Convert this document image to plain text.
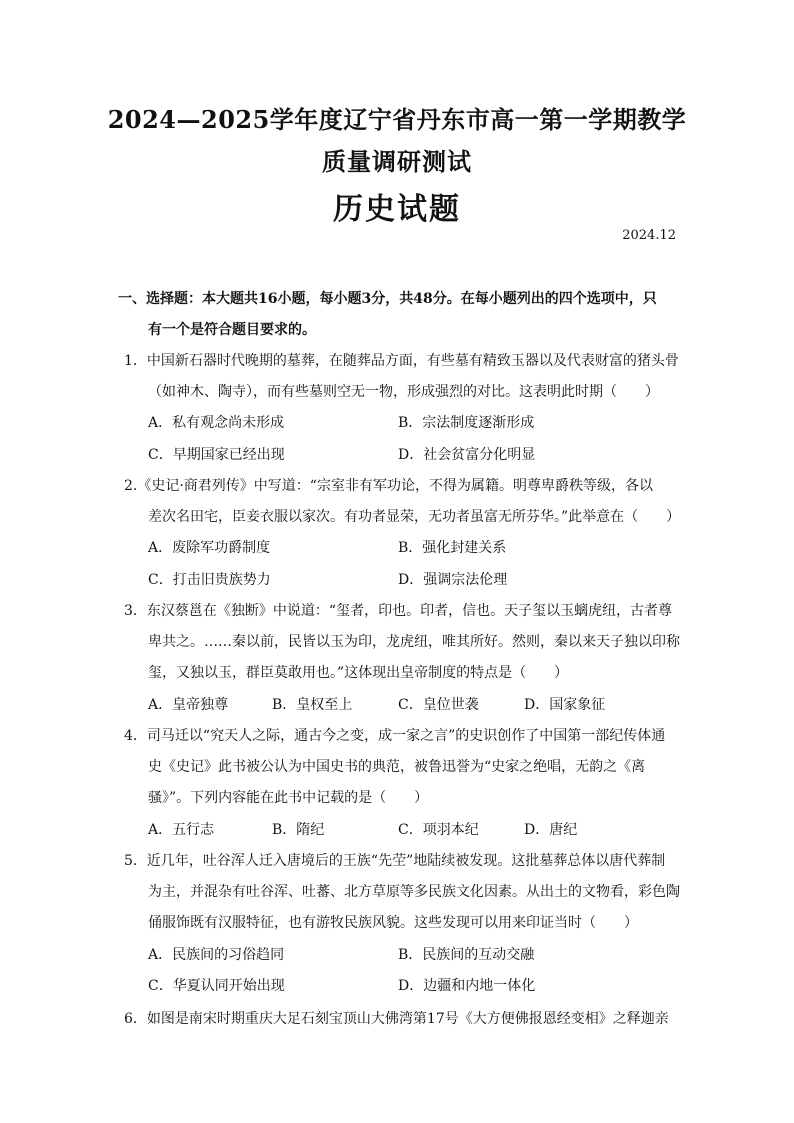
2024—2025学年度辽宁省丹东市高一第一学期教学
质量调研测试
历史试题
2024.12
一、选择题：本大题共16小题，每小题3分，共48分。在每小题列出的四个选项中，只
有一个是符合题目要求的。
1．中国新石器时代晚期的墓葬，在随葬品方面，有些墓有精致玉器以及代表财富的猪头骨
（如神木、陶寺），而有些墓则空无一物，形成强烈的对比。这表明此时期（　　）
A．私有观念尚未形成	B．宗法制度逐渐形成
C．早期国家已经出现	D．社会贫富分化明显
2.《史记·商君列传》中写道：“宗室非有军功论，不得为属籍。明尊卑爵秩等级，各以
差次名田宅，臣妾衣服以家次。有功者显荣，无功者虽富无所芬华。”此举意在（　　）
A．废除军功爵制度	B．强化封建关系
C．打击旧贵族势力	D．强调宗法伦理
3．东汉蔡邕在《独断》中说道：“玺者，印也。印者，信也。天子玺以玉螭虎纽，古者尊
卑共之。……秦以前，民皆以玉为印，龙虎纽，唯其所好。然则，秦以来天子独以印称
玺，又独以玉，群臣莫敢用也。”这体现出皇帝制度的特点是（　　）
A．皇帝独尊	B．皇权至上	C．皇位世袭	D．国家象征
4．司马迁以“究天人之际，通古今之变，成一家之言”的史识创作了中国第一部纪传体通
史《史记》此书被公认为中国史书的典范，被鲁迅誉为“史家之绝唱，无韵之《离
骚》”。下列内容能在此书中记载的是（　　）
A．五行志	B．隋纪	C．项羽本纪	D．唐纪
5．近几年，吐谷浑人迁入唐境后的王族“先茔”地陆续被发现。这批墓葬总体以唐代葬制
为主，并混杂有吐谷浑、吐蕃、北方草原等多民族文化因素。从出土的文物看，彩色陶
俑服饰既有汉服特征，也有游牧民族风貌。这些发现可以用来印证当时（　　）
A．民族间的习俗趋同	B．民族间的互动交融
C．华夏认同开始出现	D．边疆和内地一体化
6．如图是南宋时期重庆大足石刻宝顶山大佛湾第17号《大方便佛报恩经变相》之释迦亲
